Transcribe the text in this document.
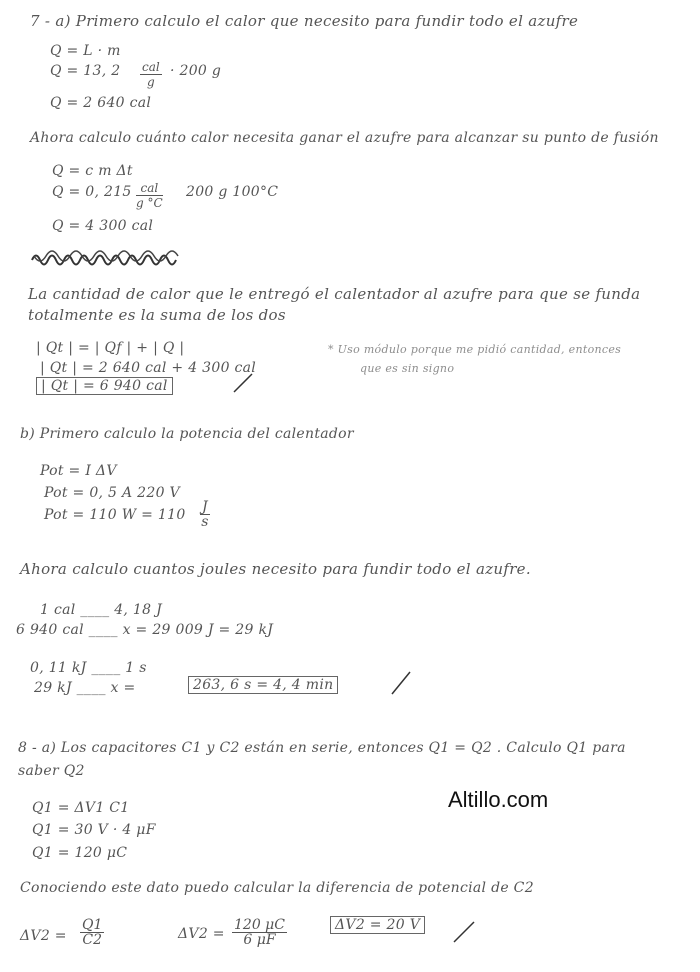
7 - a) Primero calculo el calor que necesito para fundir todo el azufre
Q = L · m
Q = 13, 2 cal
g
· 200 g
Q = 2 640 cal
Ahora calculo cuánto calor necesita ganar el azufre para alcanzar su punto de fusión
Q = c m Δt
Q = 0, 215 cal
g °C
200 g 100°C
Q = 4 300 cal
La cantidad de calor que le entregó el calentador al azufre para que se funda
totalmente es la suma de los dos
| Qt | = | Qf | + | Q |
| Qt | = 2 640 cal + 4 300 cal
| Qt | = 6 940 cal
* Uso módulo porque me pidió cantidad, entonces
que es sin signo
b) Primero calculo la potencia del calentador
Pot = I ΔV
Pot = 0, 5 A 220 V
Pot = 110 $W = 110 \frac{J}{s}$
Ahora calculo cuantos joules necesito para fundir todo el azufre.
1 cal ____ 4, 18 J
6 940 cal ____ x = 29 009 J = 29 kJ
0, 11 kJ ____ 1 s
29 kJ ____ x =	263, 6 s = 4, 4 min
8 - a) Los capacitores C1 y C2 están en serie, entonces Q1 = Q2 . Calculo Q1 para
saber Q2
Q1 = ΔV1 C1
Q1 = 30 V · 4 μF
Q1 = 120 μC
Altillo.com
Conociendo este dato puedo calcular la diferencia de potencial de C2
$\Delta V2 = \frac{Q1}{C2}$	$\Delta V2 = \frac{120 \mu C}{6 \mu F}$	ΔV2 = 20 V
